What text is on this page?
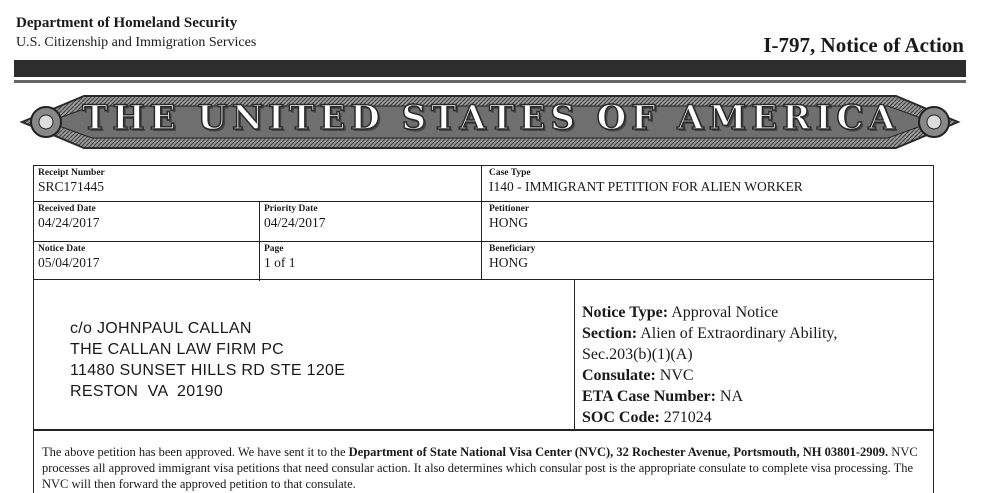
Department of Homeland Security
U.S. Citizenship and Immigration Services	I-797, Notice of Action
THE UNITED STATES OF AMERICA
Receipt Number
SRC171445
Case Type
I140 - IMMIGRANT PETITION FOR ALIEN WORKER
Received Date
04/24/2017
Priority Date
04/24/2017
Petitioner
HONG
Notice Date
05/04/2017
Page
1 of 1
Beneficiary
HONG
c/o JOHNPAUL CALLAN
THE CALLAN LAW FIRM PC
11480 SUNSET HILLS RD STE 120E
RESTON  VA  20190
Notice Type: Approval Notice
Section: Alien of Extraordinary Ability,
Sec.203(b)(1)(A)
Consulate: NVC
ETA Case Number: NA
SOC Code: 271024
The above petition has been approved. We have sent it to the Department of State National Visa Center (NVC), 32 Rochester Avenue, Portsmouth, NH 03801-2909. NVC processes all approved immigrant visa petitions that need consular action. It also determines which consular post is the appropriate consulate to complete visa processing. The NVC will then forward the approved petition to that consulate.
